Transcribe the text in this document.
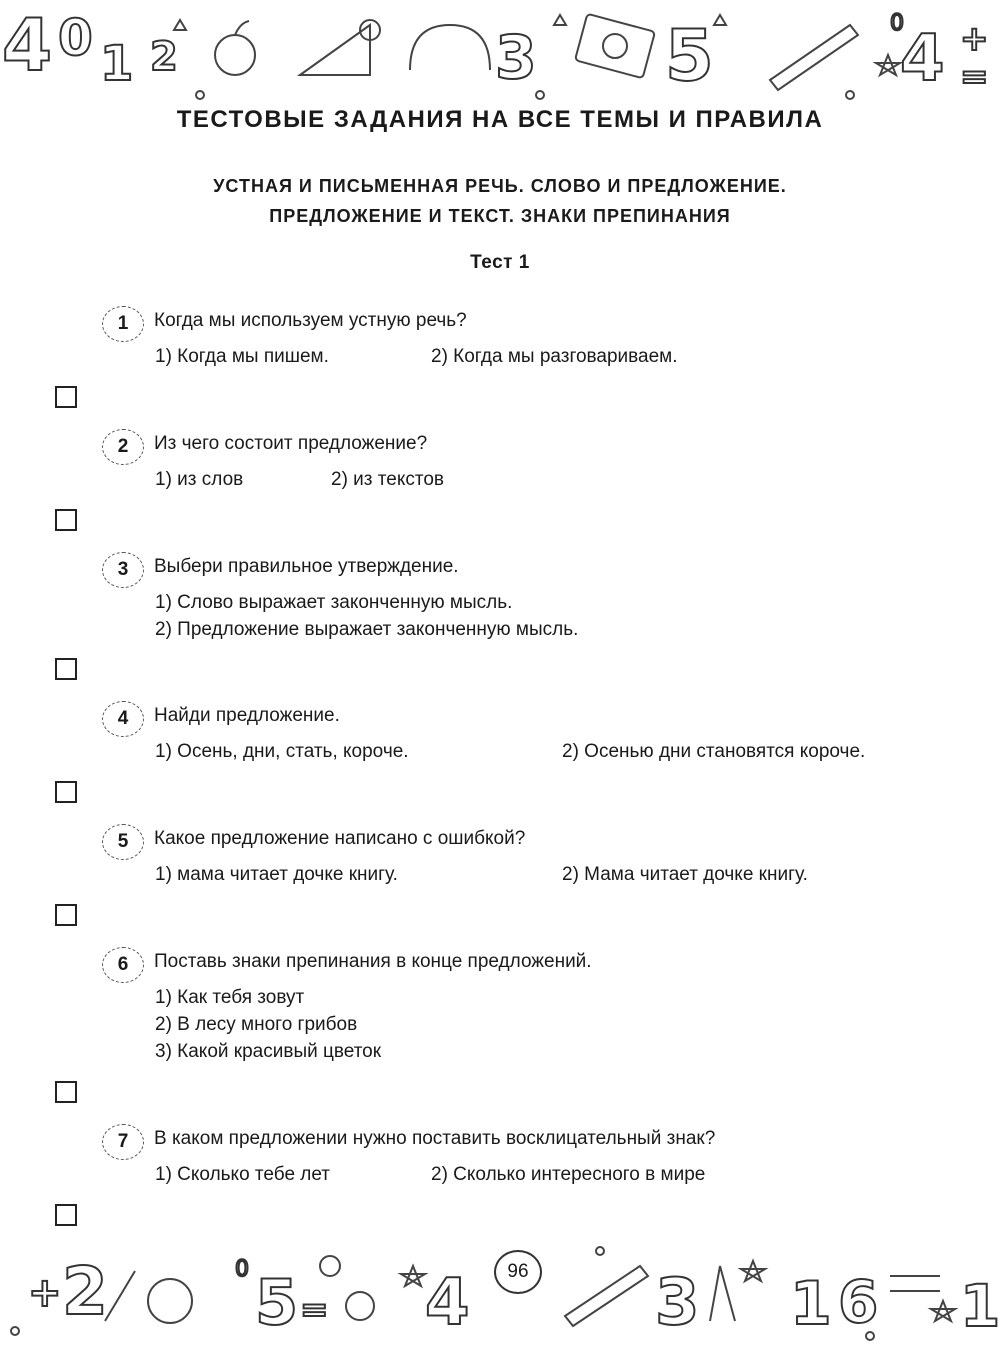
4 0 1 2	3 5	4 +
=
0
ТЕСТОВЫЕ ЗАДАНИЯ НА ВСЕ ТЕМЫ И ПРАВИЛА
УСТНАЯ И ПИСЬМЕННАЯ РЕЧЬ. СЛОВО И ПРЕДЛОЖЕНИЕ.
ПРЕДЛОЖЕНИЕ И ТЕКСТ. ЗНАКИ ПРЕПИНАНИЯ
Тест 1
1	Когда мы используем устную речь?
1) Когда мы пишем.	2) Когда мы разговариваем.
2	Из чего состоит предложение?
1) из слов	2) из текстов
3	Выбери правильное утверждение.
1) Слово выражает законченную мысль.
2) Предложение выражает законченную мысль.
4	Найди предложение.
1) Осень, дни, стать, короче.	2) Осенью дни становятся короче.
5	Какое предложение написано с ошибкой?
1) мама читает дочке книгу.	2) Мама читает дочке книгу.
6	Поставь знаки препинания в конце предложений.
1) Как тебя зовут
2) В лесу много грибов
3) Какой красивый цветок
7	В каком предложении нужно поставить восклицательный знак?
1) Сколько тебе лет	2) Сколько интересного в мире
+ 2	0 5 = 4	3 1 6 1
96
